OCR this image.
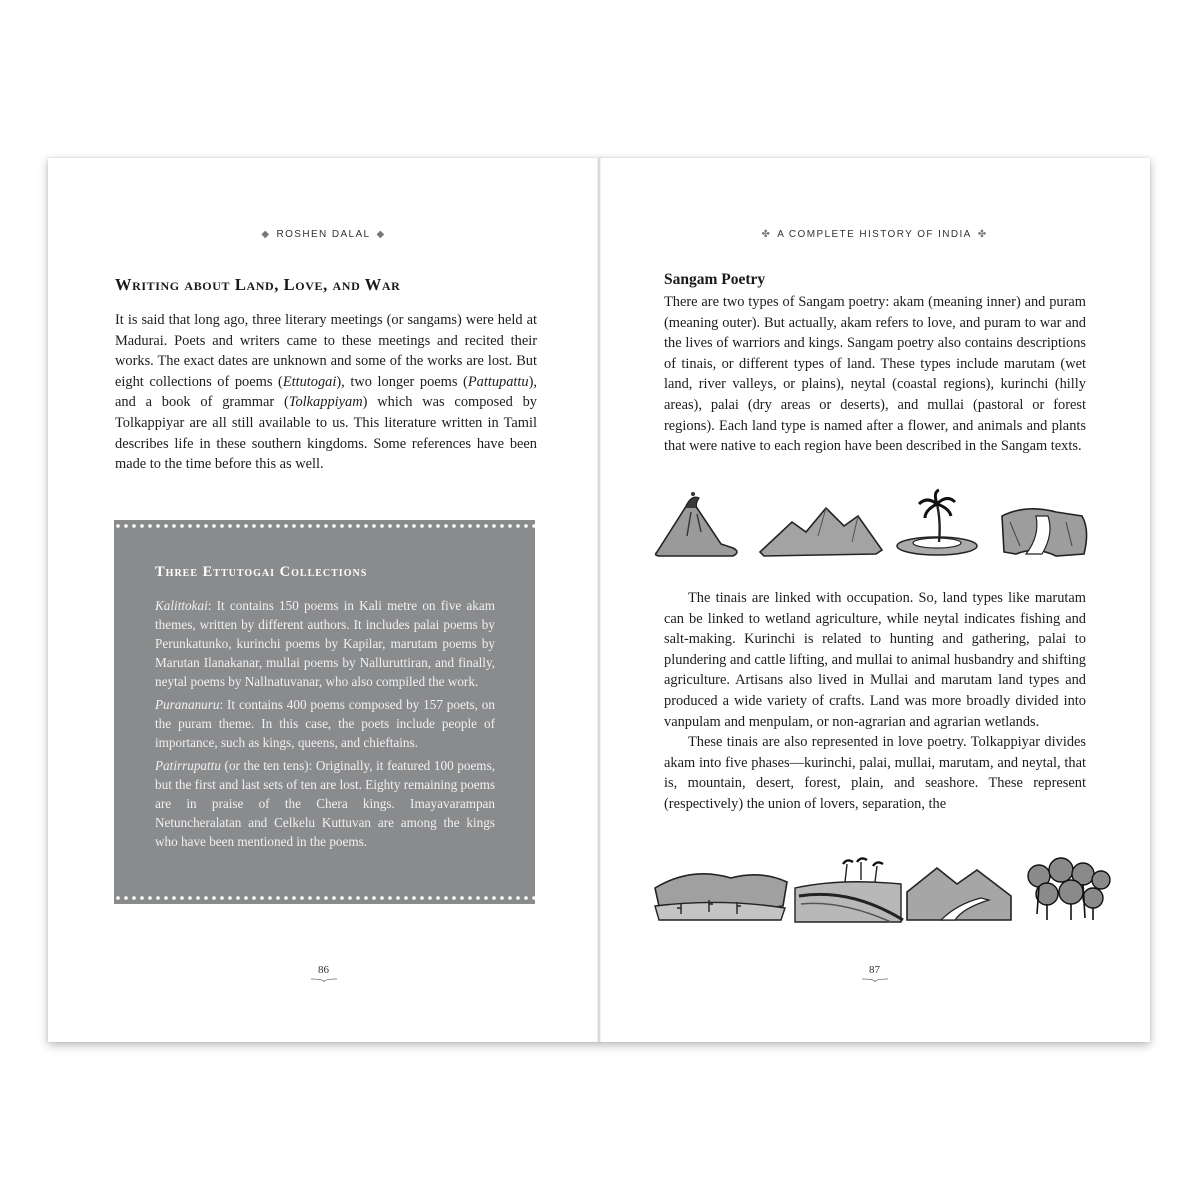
◆ ROSHEN DALAL ◆
Writing about Land, Love, and War

It is said that long ago, three literary meetings (or sangams) were held at Madurai. Poets and writers came to these meetings and recited their works. The exact dates are unknown and some of the works are lost. But eight collections of poems (Ettutogai), two longer poems (Pattupattu), and a book of grammar (Tolkappiyam) which was composed by Tolkappiyar are all still available to us. This literature written in Tamil describes life in these southern kingdoms. Some references have been made to the time before this as well.

Three Ettutogai Collections

Kalittokai: It contains 150 poems in Kali metre on five akam themes, written by different authors. It includes palai poems by Perunkatunko, kurinchi poems by Kapilar, marutam poems by Marutan Ilanakanar, mullai poems by Nalluruttiran, and finally, neytal poems by Nallnatuvanar, who also compiled the work.

Purananuru: It contains 400 poems composed by 157 poets, on the puram theme. In this case, the poets include people of importance, such as kings, queens, and chieftains.

Patirrupattu (or the ten tens): Originally, it featured 100 poems, but the first and last sets of ten are lost. Eighty remaining poems are in praise of the Chera kings. Imayavarampan Netuncheralatan and Celkelu Kuttuvan are among the kings who have been mentioned in the poems.

86
✤ A COMPLETE HISTORY OF INDIA ✤
Sangam Poetry

There are two types of Sangam poetry: akam (meaning inner) and puram (meaning outer). But actually, akam refers to love, and puram to war and the lives of warriors and kings. Sangam poetry also contains descriptions of tinais, or different types of land. These types include marutam (wet land, river valleys, or plains), neytal (coastal regions), kurinchi (hilly areas), palai (dry areas or deserts), and mullai (pastoral or forest regions). Each land type is named after a flower, and animals and plants that were native to each region have been described in the Sangam texts.

The tinais are linked with occupation. So, land types like marutam can be linked to wetland agriculture, while neytal indicates fishing and salt-making. Kurinchi is related to hunting and gathering, palai to plundering and cattle lifting, and mullai to animal husbandry and shifting agriculture. Artisans also lived in Mullai and marutam land types and produced a wide variety of crafts. Land was more broadly divided into vanpulam and menpulam, or non-agrarian and agrarian wetlands.
These tinais are also represented in love poetry. Tolkappiyar divides akam into five phases—kurinchi, palai, mullai, marutam, and neytal, that is, mountain, desert, forest, plain, and seashore. These represent (respectively) the union of lovers, separation, the

87
